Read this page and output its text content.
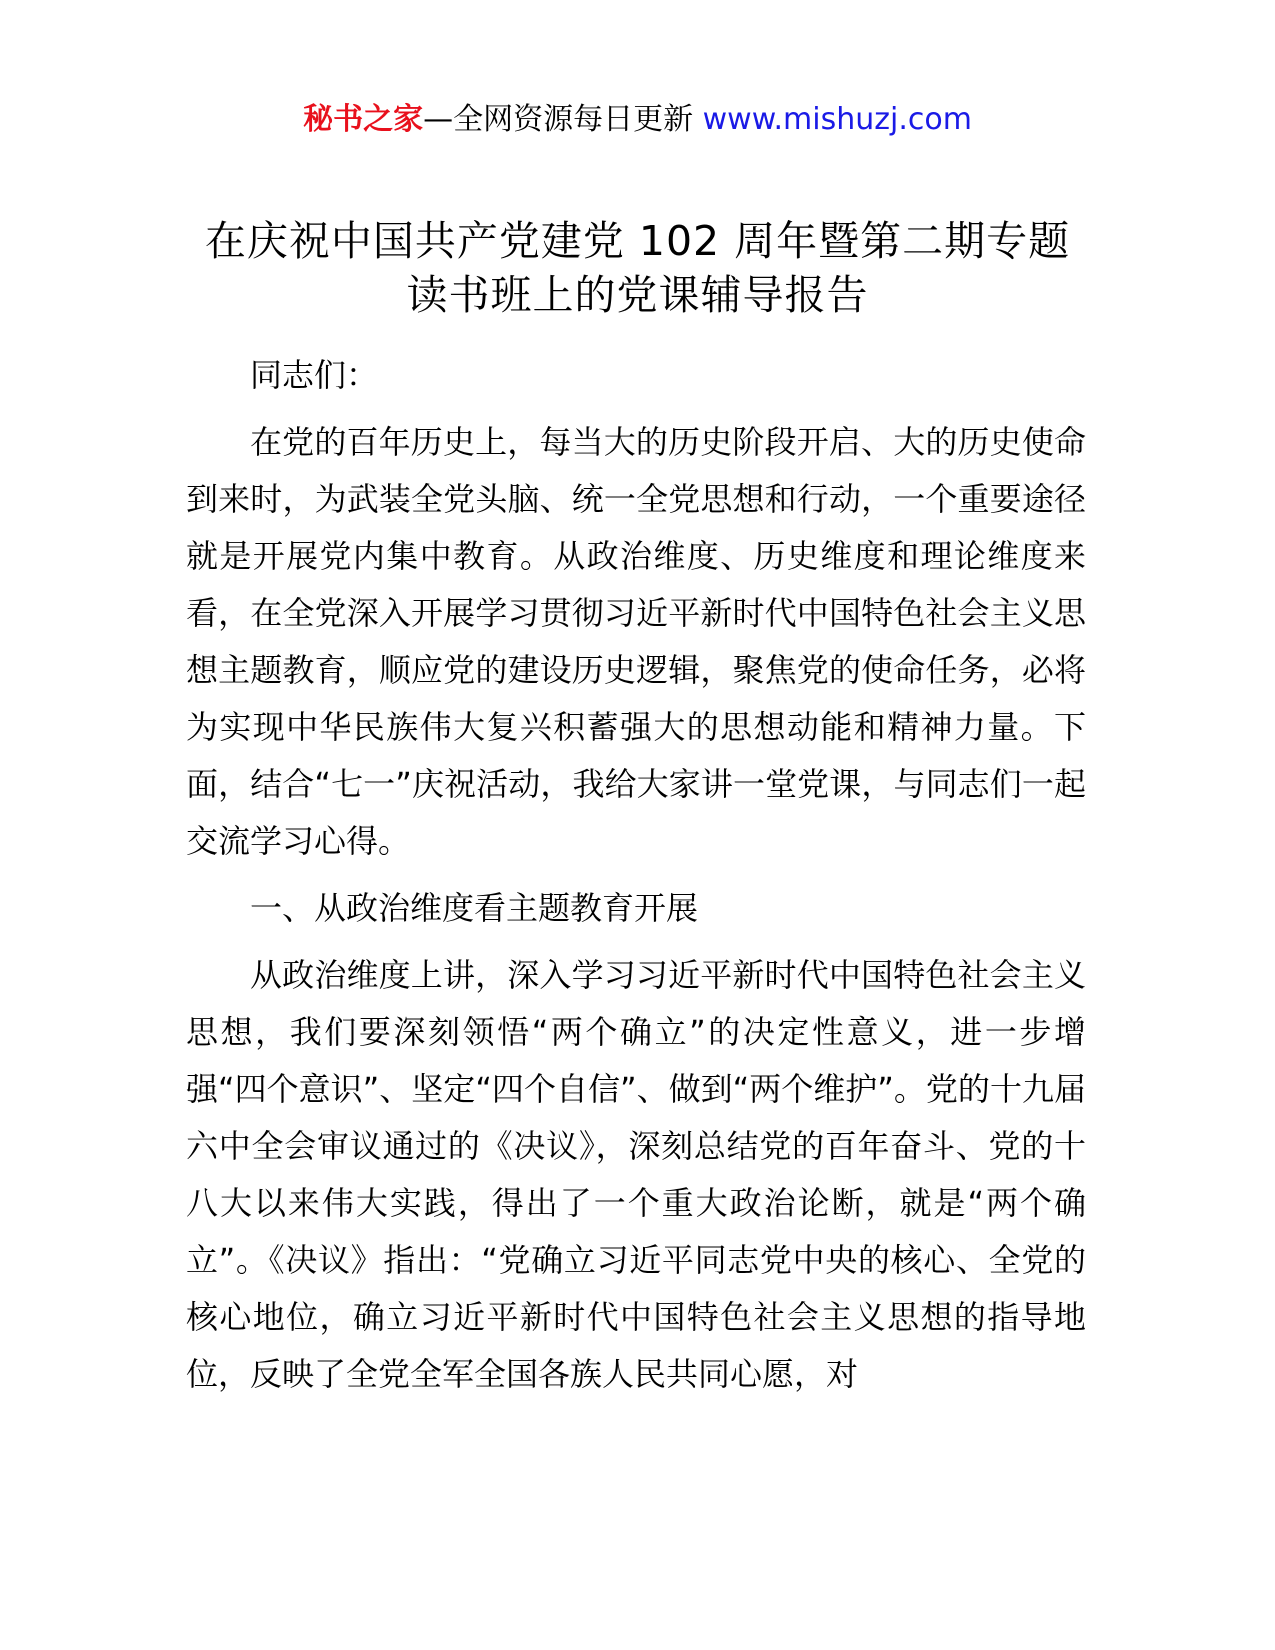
秘书之家—全网资源每日更新 www.mishuzj.com
在庆祝中国共产党建党 102 周年暨第二期专题
读书班上的党课辅导报告

同志们：

在党的百年历史上，每当大的历史阶段开启、大的历史使命到来时，为武装全党头脑、统一全党思想和行动，一个重要途径就是开展党内集中教育。从政治维度、历史维度和理论维度来看，在全党深入开展学习贯彻习近平新时代中国特色社会主义思想主题教育，顺应党的建设历史逻辑，聚焦党的使命任务，必将为实现中华民族伟大复兴积蓄强大的思想动能和精神力量。下面，结合“七一”庆祝活动，我给大家讲一堂党课，与同志们一起交流学习心得。

一、从政治维度看主题教育开展

从政治维度上讲，深入学习习近平新时代中国特色社会主义思想，我们要深刻领悟“两个确立”的决定性意义，进一步增强“四个意识”、坚定“四个自信”、做到“两个维护”。党的十九届六中全会审议通过的《决议》，深刻总结党的百年奋斗、党的十八大以来伟大实践，得出了一个重大政治论断，就是“两个确立”。《决议》指出：“党确立习近平同志党中央的核心、全党的核心地位，确立习近平新时代中国特色社会主义思想的指导地位，反映了全党全军全国各族人民共同心愿，对
